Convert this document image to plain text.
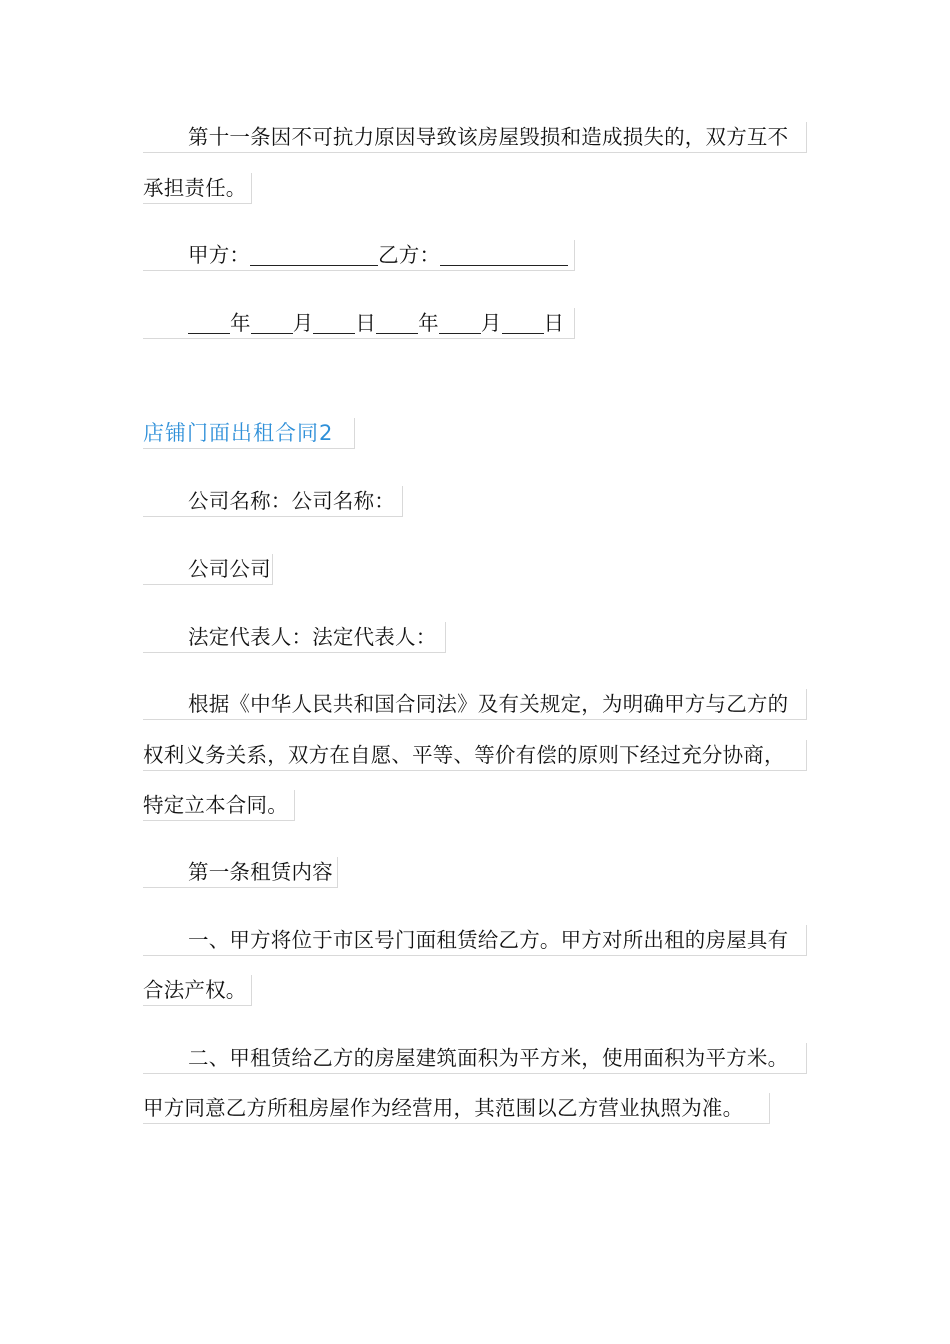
第十一条因不可抗力原因导致该房屋毁损和造成损失的，双方互不
承担责任。
甲方：	乙方：
年 月 日 年 月 日
店铺门面出租合同2
公司名称：公司名称：
公司公司
法定代表人：法定代表人：
根据《中华人民共和国合同法》及有关规定，为明确甲方与乙方的
权利义务关系，双方在自愿、平等、等价有偿的原则下经过充分协商，
特定立本合同。
第一条租赁内容
一、甲方将位于市区号门面租赁给乙方。甲方对所出租的房屋具有
合法产权。
二、甲租赁给乙方的房屋建筑面积为平方米，使用面积为平方米。
甲方同意乙方所租房屋作为经营用，其范围以乙方营业执照为准。
